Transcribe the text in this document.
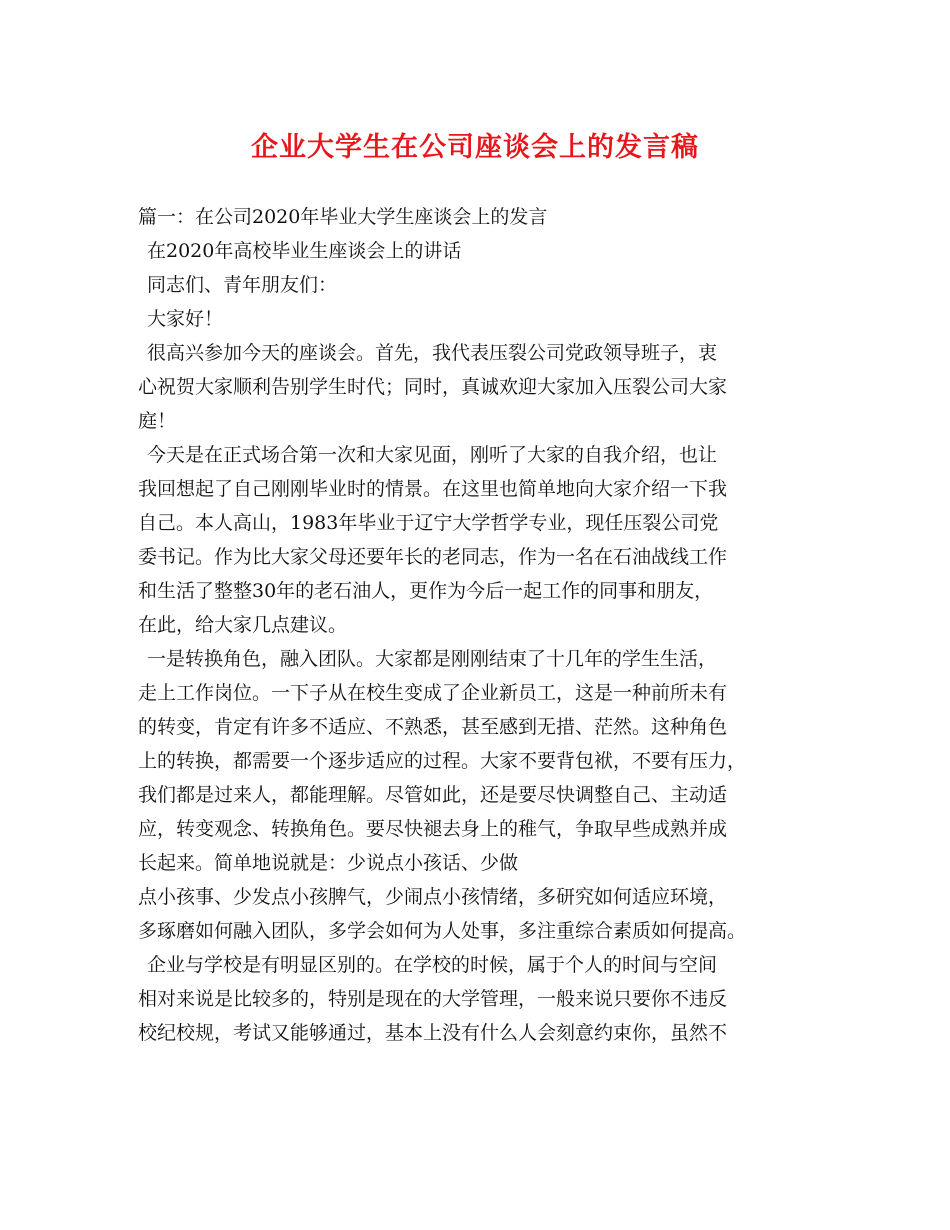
企业大学生在公司座谈会上的发言稿
篇一：在公司2020年毕业大学生座谈会上的发言
在2020年高校毕业生座谈会上的讲话
同志们、青年朋友们：
大家好！
很高兴参加今天的座谈会。首先，我代表压裂公司党政领导班子，衷
心祝贺大家顺利告别学生时代；同时，真诚欢迎大家加入压裂公司大家
庭！
今天是在正式场合第一次和大家见面，刚听了大家的自我介绍，也让
我回想起了自己刚刚毕业时的情景。在这里也简单地向大家介绍一下我
自己。本人高山，1983年毕业于辽宁大学哲学专业，现任压裂公司党
委书记。作为比大家父母还要年长的老同志，作为一名在石油战线工作
和生活了整整30年的老石油人，更作为今后一起工作的同事和朋友，
在此，给大家几点建议。
一是转换角色，融入团队。大家都是刚刚结束了十几年的学生生活，
走上工作岗位。一下子从在校生变成了企业新员工，这是一种前所未有
的转变，肯定有许多不适应、不熟悉，甚至感到无措、茫然。这种角色
上的转换，都需要一个逐步适应的过程。大家不要背包袱，不要有压力，
我们都是过来人，都能理解。尽管如此，还是要尽快调整自己、主动适
应，转变观念、转换角色。要尽快褪去身上的稚气，争取早些成熟并成
长起来。简单地说就是：少说点小孩话、少做
点小孩事、少发点小孩脾气，少闹点小孩情绪，多研究如何适应环境，
多琢磨如何融入团队，多学会如何为人处事，多注重综合素质如何提高。
企业与学校是有明显区别的。在学校的时候，属于个人的时间与空间
相对来说是比较多的，特别是现在的大学管理，一般来说只要你不违反
校纪校规，考试又能够通过，基本上没有什么人会刻意约束你，虽然不
